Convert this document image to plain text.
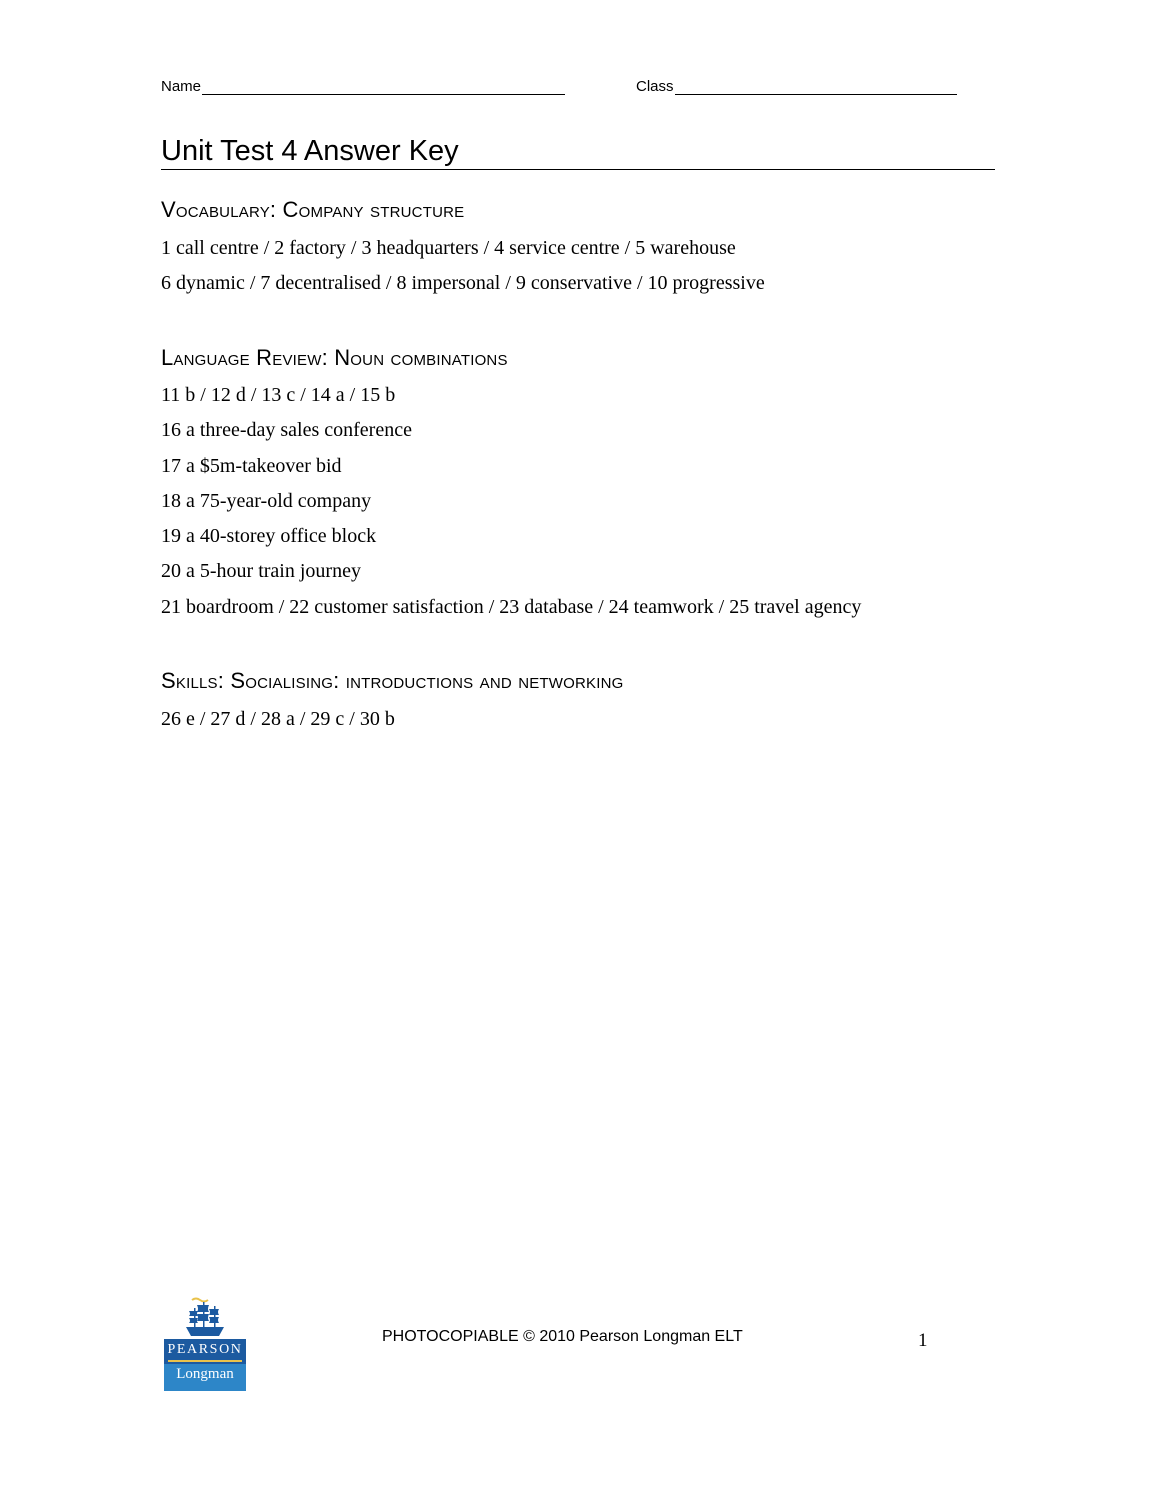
Name	Class
Unit Test 4 Answer Key
Vocabulary: Company structure
1 call centre / 2 factory / 3 headquarters / 4 service centre / 5 warehouse
6 dynamic / 7 decentralised / 8 impersonal / 9 conservative / 10 progressive
Language Review: Noun combinations
11 b / 12 d / 13 c / 14 a / 15 b
16 a three-day sales conference
17 a $5m-takeover bid
18 a 75-year-old company
19 a 40-storey office block
20 a 5-hour train journey
21 boardroom / 22 customer satisfaction / 23 database / 24 teamwork / 25 travel agency
Skills: Socialising: introductions and networking
26 e / 27 d / 28 a / 29 c / 30 b
PEARSON
Longman
PHOTOCOPIABLE © 2010 Pearson Longman ELT	1
